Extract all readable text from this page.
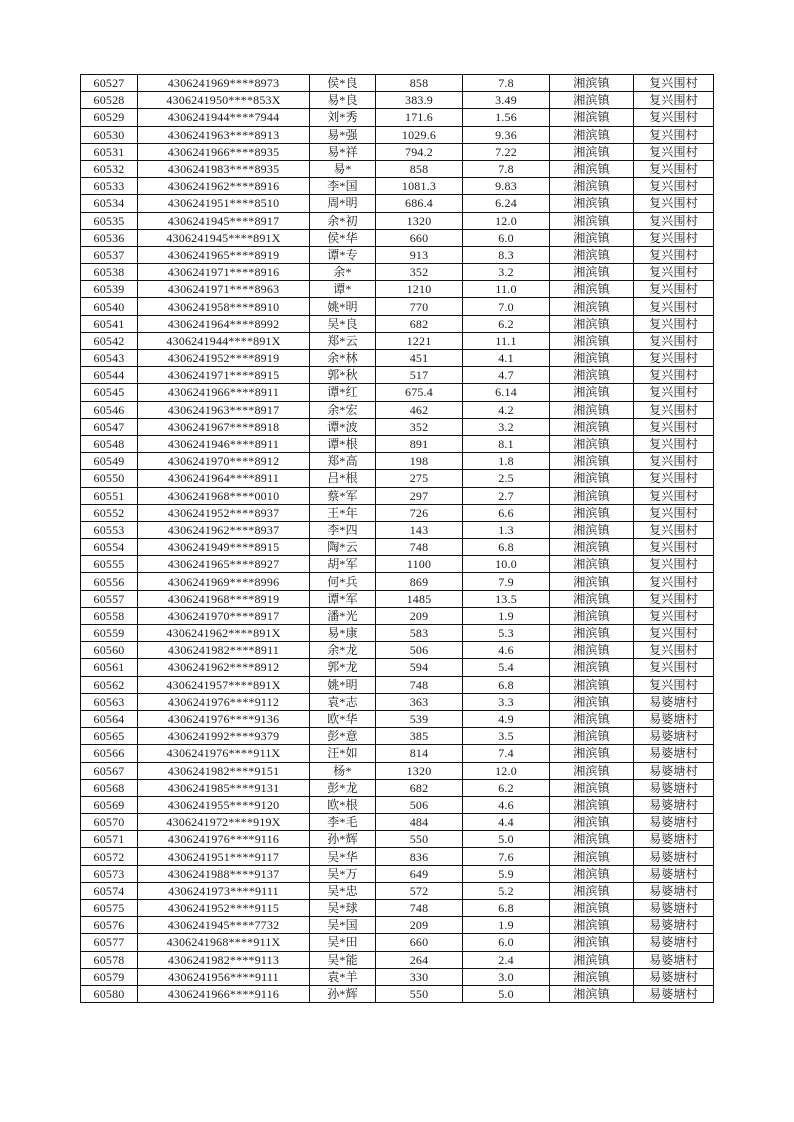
60527	4306241969****8973	侯*良	858	7.8	湘滨镇	复兴围村
60528	4306241950****853X	易*良	383.9	3.49	湘滨镇	复兴围村
60529	4306241944****7944	刘*秀	171.6	1.56	湘滨镇	复兴围村
60530	4306241963****8913	易*强	1029.6	9.36	湘滨镇	复兴围村
60531	4306241966****8935	易*祥	794.2	7.22	湘滨镇	复兴围村
60532	4306241983****8935	易*	858	7.8	湘滨镇	复兴围村
60533	4306241962****8916	李*国	1081.3	9.83	湘滨镇	复兴围村
60534	4306241951****8510	周*明	686.4	6.24	湘滨镇	复兴围村
60535	4306241945****8917	余*初	1320	12.0	湘滨镇	复兴围村
60536	4306241945****891X	侯*华	660	6.0	湘滨镇	复兴围村
60537	4306241965****8919	谭*专	913	8.3	湘滨镇	复兴围村
60538	4306241971****8916	余*	352	3.2	湘滨镇	复兴围村
60539	4306241971****8963	谭*	1210	11.0	湘滨镇	复兴围村
60540	4306241958****8910	姚*明	770	7.0	湘滨镇	复兴围村
60541	4306241964****8992	吴*良	682	6.2	湘滨镇	复兴围村
60542	4306241944****891X	郑*云	1221	11.1	湘滨镇	复兴围村
60543	4306241952****8919	余*林	451	4.1	湘滨镇	复兴围村
60544	4306241971****8915	郭*秋	517	4.7	湘滨镇	复兴围村
60545	4306241966****8911	谭*红	675.4	6.14	湘滨镇	复兴围村
60546	4306241963****8917	余*宏	462	4.2	湘滨镇	复兴围村
60547	4306241967****8918	谭*波	352	3.2	湘滨镇	复兴围村
60548	4306241946****8911	谭*根	891	8.1	湘滨镇	复兴围村
60549	4306241970****8912	郑*高	198	1.8	湘滨镇	复兴围村
60550	4306241964****8911	吕*根	275	2.5	湘滨镇	复兴围村
60551	4306241968****0010	蔡*军	297	2.7	湘滨镇	复兴围村
60552	4306241952****8937	王*年	726	6.6	湘滨镇	复兴围村
60553	4306241962****8937	李*四	143	1.3	湘滨镇	复兴围村
60554	4306241949****8915	陶*云	748	6.8	湘滨镇	复兴围村
60555	4306241965****8927	胡*军	1100	10.0	湘滨镇	复兴围村
60556	4306241969****8996	何*兵	869	7.9	湘滨镇	复兴围村
60557	4306241968****8919	谭*军	1485	13.5	湘滨镇	复兴围村
60558	4306241970****8917	潘*光	209	1.9	湘滨镇	复兴围村
60559	4306241962****891X	易*康	583	5.3	湘滨镇	复兴围村
60560	4306241982****8911	余*龙	506	4.6	湘滨镇	复兴围村
60561	4306241962****8912	郭*龙	594	5.4	湘滨镇	复兴围村
60562	4306241957****891X	姚*明	748	6.8	湘滨镇	复兴围村
60563	4306241976****9112	袁*志	363	3.3	湘滨镇	易婆塘村
60564	4306241976****9136	欧*华	539	4.9	湘滨镇	易婆塘村
60565	4306241992****9379	彭*意	385	3.5	湘滨镇	易婆塘村
60566	4306241976****911X	汪*如	814	7.4	湘滨镇	易婆塘村
60567	4306241982****9151	杨*	1320	12.0	湘滨镇	易婆塘村
60568	4306241985****9131	彭*龙	682	6.2	湘滨镇	易婆塘村
60569	4306241955****9120	欧*根	506	4.6	湘滨镇	易婆塘村
60570	4306241972****919X	李*毛	484	4.4	湘滨镇	易婆塘村
60571	4306241976****9116	孙*辉	550	5.0	湘滨镇	易婆塘村
60572	4306241951****9117	吴*华	836	7.6	湘滨镇	易婆塘村
60573	4306241988****9137	吴*万	649	5.9	湘滨镇	易婆塘村
60574	4306241973****9111	吴*忠	572	5.2	湘滨镇	易婆塘村
60575	4306241952****9115	吴*球	748	6.8	湘滨镇	易婆塘村
60576	4306241945****7732	吴*国	209	1.9	湘滨镇	易婆塘村
60577	4306241968****911X	吴*田	660	6.0	湘滨镇	易婆塘村
60578	4306241982****9113	吴*能	264	2.4	湘滨镇	易婆塘村
60579	4306241956****9111	袁*羊	330	3.0	湘滨镇	易婆塘村
60580	4306241966****9116	孙*辉	550	5.0	湘滨镇	易婆塘村
